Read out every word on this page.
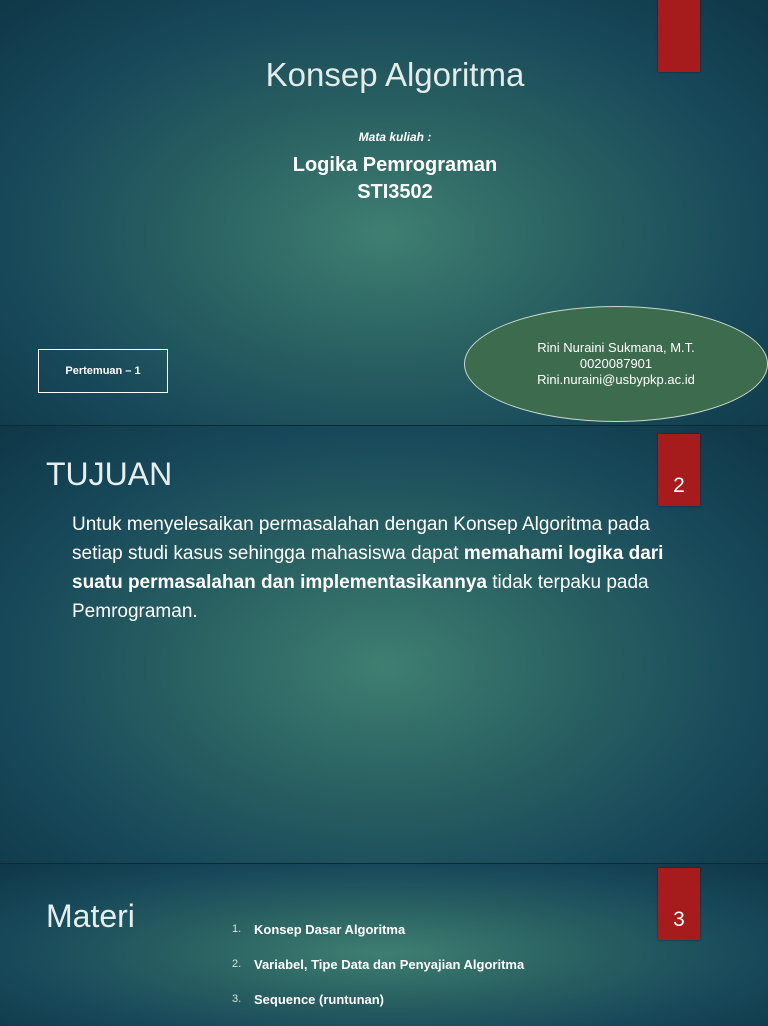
Konsep Algoritma
Mata kuliah :
Logika Pemrograman
STI3502
Pertemuan – 1
Rini Nuraini Sukmana, M.T.
0020087901
Rini.nuraini@usbypkp.ac.id
2
TUJUAN
Untuk menyelesaikan permasalahan dengan Konsep Algoritma pada setiap studi kasus sehingga mahasiswa dapat memahami logika dari suatu permasalahan dan implementasikannya tidak terpaku pada Pemrograman.
3
Materi	1. Konsep Dasar Algoritma
2. Variabel, Tipe Data dan Penyajian Algoritma
3. Sequence (runtunan)
